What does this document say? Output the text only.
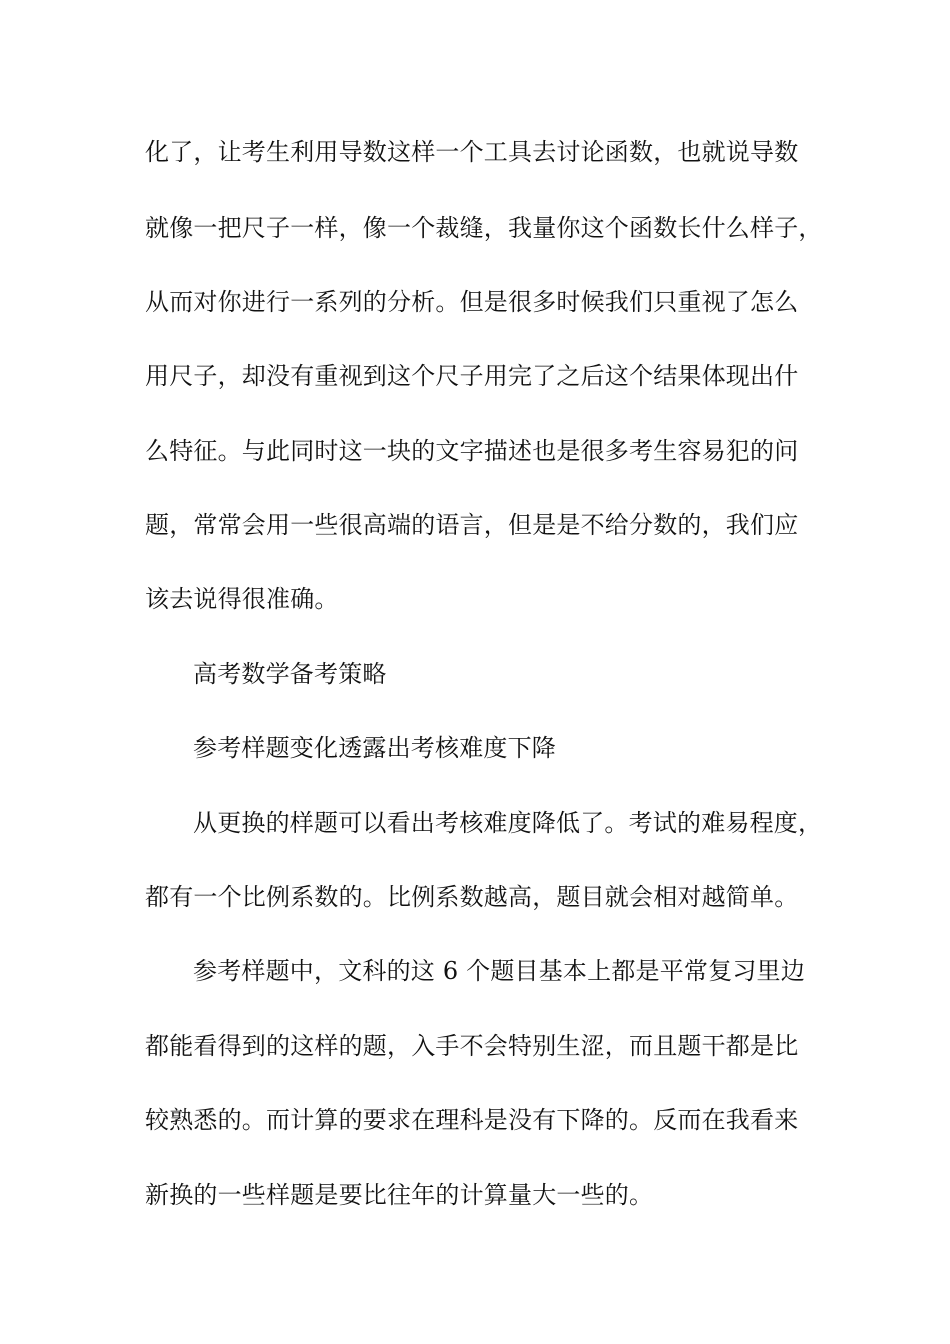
化了，让考生利用导数这样一个工具去讨论函数，也就说导数
就像一把尺子一样，像一个裁缝，我量你这个函数长什么样子，
从而对你进行一系列的分析。但是很多时候我们只重视了怎么
用尺子，却没有重视到这个尺子用完了之后这个结果体现出什
么特征。与此同时这一块的文字描述也是很多考生容易犯的问
题，常常会用一些很高端的语言，但是是不给分数的，我们应
该去说得很准确。
高考数学备考策略
参考样题变化透露出考核难度下降
从更换的样题可以看出考核难度降低了。考试的难易程度，
都有一个比例系数的。比例系数越高，题目就会相对越简单。
参考样题中，文科的这 6 个题目基本上都是平常复习里边
都能看得到的这样的题，入手不会特别生涩，而且题干都是比
较熟悉的。而计算的要求在理科是没有下降的。反而在我看来
新换的一些样题是要比往年的计算量大一些的。
